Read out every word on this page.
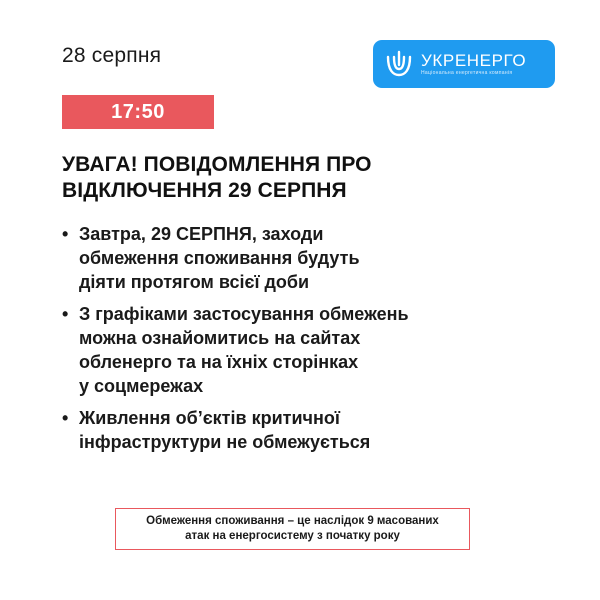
28 серпня	УКРЕНЕРГО
Національна енергетична компанія
17:50
УВАГА! ПОВІДОМЛЕННЯ ПРО
ВІДКЛЮЧЕННЯ 29 СЕРПНЯ
• Завтра, 29 СЕРПНЯ, заходи
обмеження споживання будуть
діяти протягом всієї доби
• З графіками застосування обмежень
можна ознайомитись на сайтах
обленерго та на їхніх сторінках
у соцмережах
• Живлення об’єктів критичної
інфраструктури не обмежується
Обмеження споживання – це наслідок 9 масованих
атак на енергосистему з початку року
